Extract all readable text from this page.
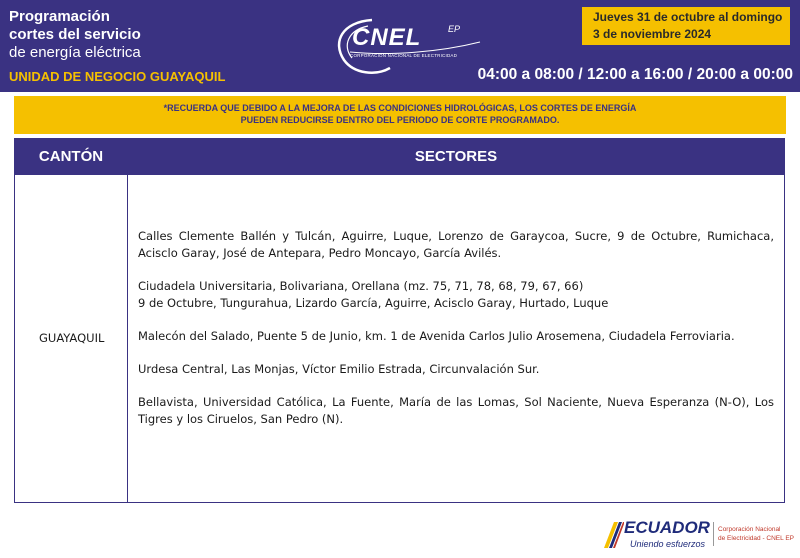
Programación
cortes del servicio
de energía eléctrica
UNIDAD DE NEGOCIO GUAYAQUIL
CNEL	EP
CORPORACIÓN NACIONAL DE ELECTRICIDAD
Jueves 31 de octubre al domingo
3 de noviembre 2024
04:00 a 08:00 / 12:00 a 16:00 / 20:00 a 00:00
*RECUERDA QUE DEBIDO A LA MEJORA DE LAS CONDICIONES HIDROLÓGICAS, LOS CORTES DE ENERGÍA
PUEDEN REDUCIRSE DENTRO DEL PERIODO DE CORTE PROGRAMADO.
CANTÓN	SECTORES
GUAYAQUIL
Calles Clemente Ballén y Tulcán, Aguirre, Luque, Lorenzo de Garaycoa, Sucre, 9 de Octubre, Rumichaca, Acisclo Garay, José de Antepara, Pedro Moncayo, García Avilés.
Ciudadela Universitaria, Bolivariana, Orellana (mz. 75, 71, 78, 68, 79, 67, 66)
9 de Octubre, Tungurahua, Lizardo García, Aguirre, Acisclo Garay, Hurtado, Luque
Malecón del Salado, Puente 5 de Junio, km. 1 de Avenida Carlos Julio Arosemena, Ciudadela Ferroviaria.
Urdesa Central, Las Monjas, Víctor Emilio Estrada, Circunvalación Sur.
Bellavista, Universidad Católica, La Fuente, María de las Lomas, Sol Naciente, Nueva Esperanza (N-O), Los Tigres y los Ciruelos, San Pedro (N).
ECUADOR
Uniendo esfuerzos
Corporación Nacional
de Electricidad - CNEL EP
